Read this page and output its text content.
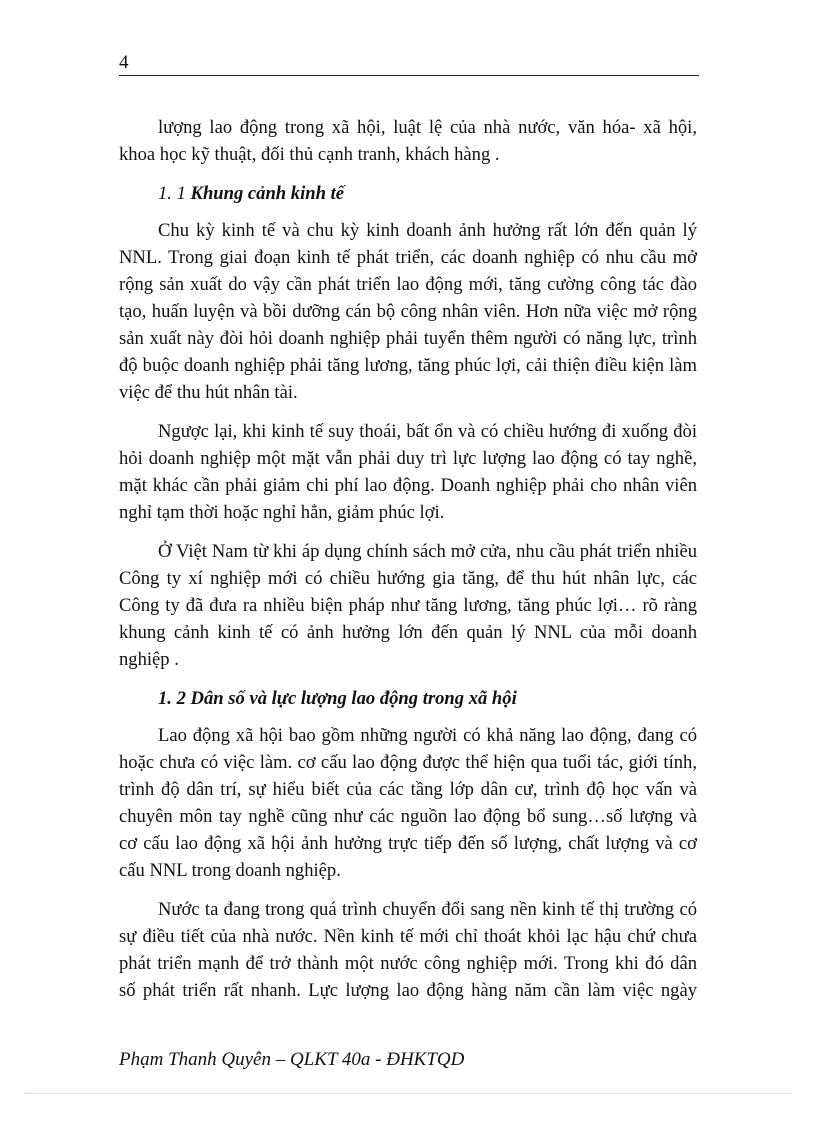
4
lượng lao động trong xã hội, luật lệ của nhà nước, văn hóa- xã hội,
khoa học kỹ thuật, đối thủ cạnh tranh, khách hàng .
1. 1 Khung cảnh kinh tế
Chu kỳ kinh tế và chu kỳ kinh doanh ảnh hưởng rất lớn đến quản lý
NNL. Trong giai đoạn kinh tế phát triển, các doanh nghiệp có nhu cầu mở
rộng sản xuất do vậy cần phát triển lao động mới, tăng cường công tác đào
tạo, huấn luyện và bồi dưỡng cán bộ công nhân viên. Hơn nữa việc mở rộng
sản xuất này đòi hỏi doanh nghiệp phải tuyển thêm người có năng lực, trình
độ buộc doanh nghiệp phải tăng lương, tăng phúc lợi, cải thiện điều kiện làm
việc để thu hút nhân tài.
Ngược lại, khi kinh tế suy thoái, bất ổn và có chiều hướng đi xuống đòi
hỏi doanh nghiệp một mặt vẫn phải duy trì lực lượng lao động có tay nghề,
mặt khác cần phải giảm chi phí lao động. Doanh nghiệp phải cho nhân viên
nghỉ tạm thời hoặc nghỉ hẳn, giảm phúc lợi.
Ở Việt Nam từ khi áp dụng chính sách mở cửa, nhu cầu phát triển nhiều
Công ty xí nghiệp mới có chiều hướng gia tăng, để thu hút nhân lực, các
Công ty đã đưa ra nhiều biện pháp như tăng lương, tăng phúc lợi… rõ ràng
khung cảnh kinh tế có ảnh hưởng lớn đến quản lý NNL của mỗi doanh
nghiệp .
1. 2 Dân số và lực lượng lao động trong xã hội
Lao động xã hội bao gồm những người có khả năng lao động, đang có
hoặc chưa có việc làm. cơ cấu lao động được thể hiện qua tuổi tác, giới tính,
trình độ dân trí, sự hiểu biết của các tầng lớp dân cư, trình độ học vấn và
chuyên môn tay nghề cũng như các nguồn lao động bổ sung…số lượng và
cơ cấu lao động xã hội ảnh hưởng trực tiếp đến số lượng, chất lượng và cơ
cấu NNL trong doanh nghiệp.
Nước ta đang trong quá trình chuyển đổi sang nền kinh tế thị trường có
sự điều tiết của nhà nước. Nền kinh tế mới chỉ thoát khỏi lạc hậu chứ chưa
phát triển mạnh để trở thành một nước công nghiệp mới. Trong khi đó dân
số phát triển rất nhanh. Lực lượng lao động hàng năm cần làm việc ngày
Phạm Thanh Quyên – QLKT 40a - ĐHKTQD
